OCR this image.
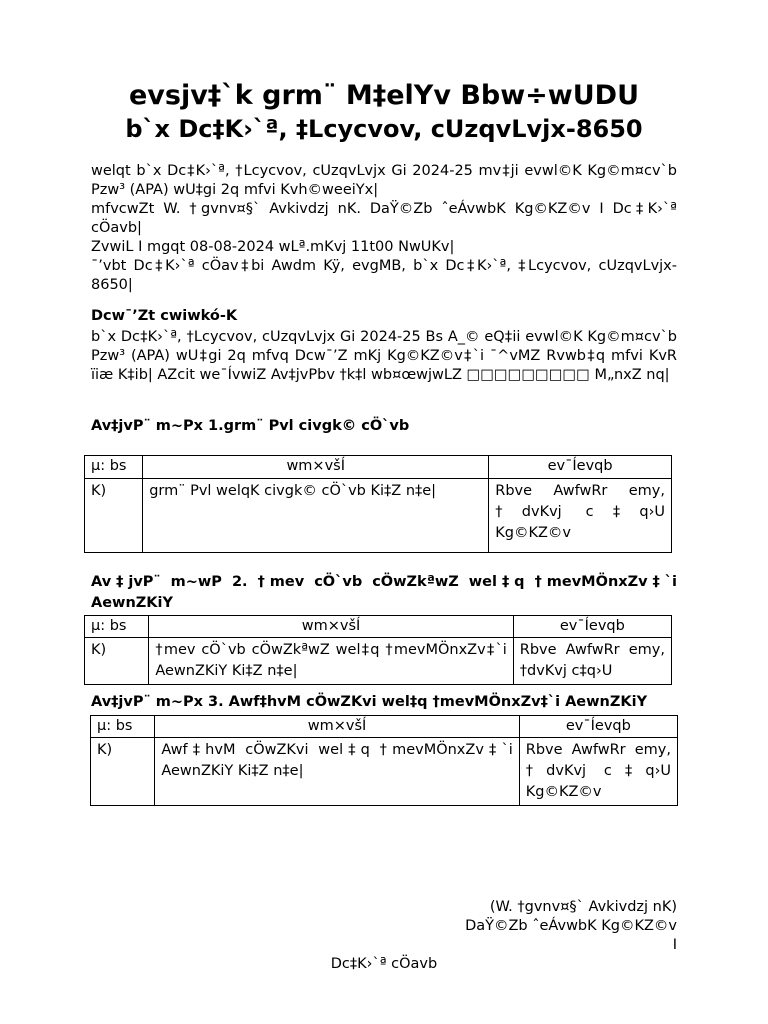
evsjv‡`k grm¨ M‡elYv Bbw÷wUDU
b`x Dc‡K›`ª, ‡Lcycvov, cUzqvLvjx-8650
welqt b`x Dc‡K›`ª, †Lcycvov, cUzqvLvjx Gi 2024-25 mv‡ji evwl©K Kg©m¤cv`b Pzw³ (APA) wU‡gi 2q mfvi Kvh©weeiYx|
mfvcwZt W. †gvnv¤§` Avkivdzj nK. DaŸ©Zb ˆeÁvwbK Kg©KZ©v I Dc‡K›`ª cÖavb|
ZvwiL I mgqt 08-08-2024 wLª.mKvj 11t00 NwUKv|
¯’vbt Dc‡K›`ª cÖav‡bi Awdm Kÿ, evgMB, b`x Dc‡K›`ª, ‡Lcycvov, cUzqvLvjx-8650|
Dcw¯’Zt cwiwkó-K
b`x Dc‡K›`ª, †Lcycvov, cUzqvLvjx Gi 2024-25 Bs A_© eQ‡ii evwl©K Kg©m¤cv`b Pzw³ (APA) wU‡gi 2q mfvq Dcw¯’Z mKj Kg©KZ©v‡`i ¯^vMZ Rvwb‡q mfvi KvR ïiæ K‡ib| AZcit we¯ÍvwiZ Av‡jvPbv †k‡l wb¤œwjwLZ □□□□□□□□□ M„nxZ nq|
Av‡jvP¨ m~Px 1.grm¨ Pvl civgk© cÖ`vb
µ: bs	wm×všÍ	ev¯Íevqb
K)	grm¨ Pvl welqK civgk© cÖ`vb Ki‡Z n‡e|	Rbve AwfwRr emy, †dvKvj c‡q›U Kg©KZ©v
Av‡jvP¨ m~wP 2. †mev cÖ`vb cÖwZkªwZ wel‡q †mevMÖnxZv‡`i AewnZKiY
µ: bs	wm×všÍ	ev¯Íevqb
K)	†mev cÖ`vb cÖwZkªwZ wel‡q †mevMÖnxZv‡`i AewnZKiY Ki‡Z n‡e|	Rbve AwfwRr emy, †dvKvj c‡q›U
Av‡jvP¨ m~Px 3. Awf‡hvM cÖwZKvi wel‡q †mevMÖnxZv‡`i AewnZKiY
µ: bs	wm×všÍ	ev¯Íevqb
K)	Awf‡hvM cÖwZKvi wel‡q †mevMÖnxZv‡`i AewnZKiY Ki‡Z n‡e|	Rbve AwfwRr emy, †dvKvj c‡q›U Kg©KZ©v
(W. †gvnv¤§` Avkivdzj nK)
DaŸ©Zb ˆeÁvwbK Kg©KZ©v
I
Dc‡K›`ª cÖavb
